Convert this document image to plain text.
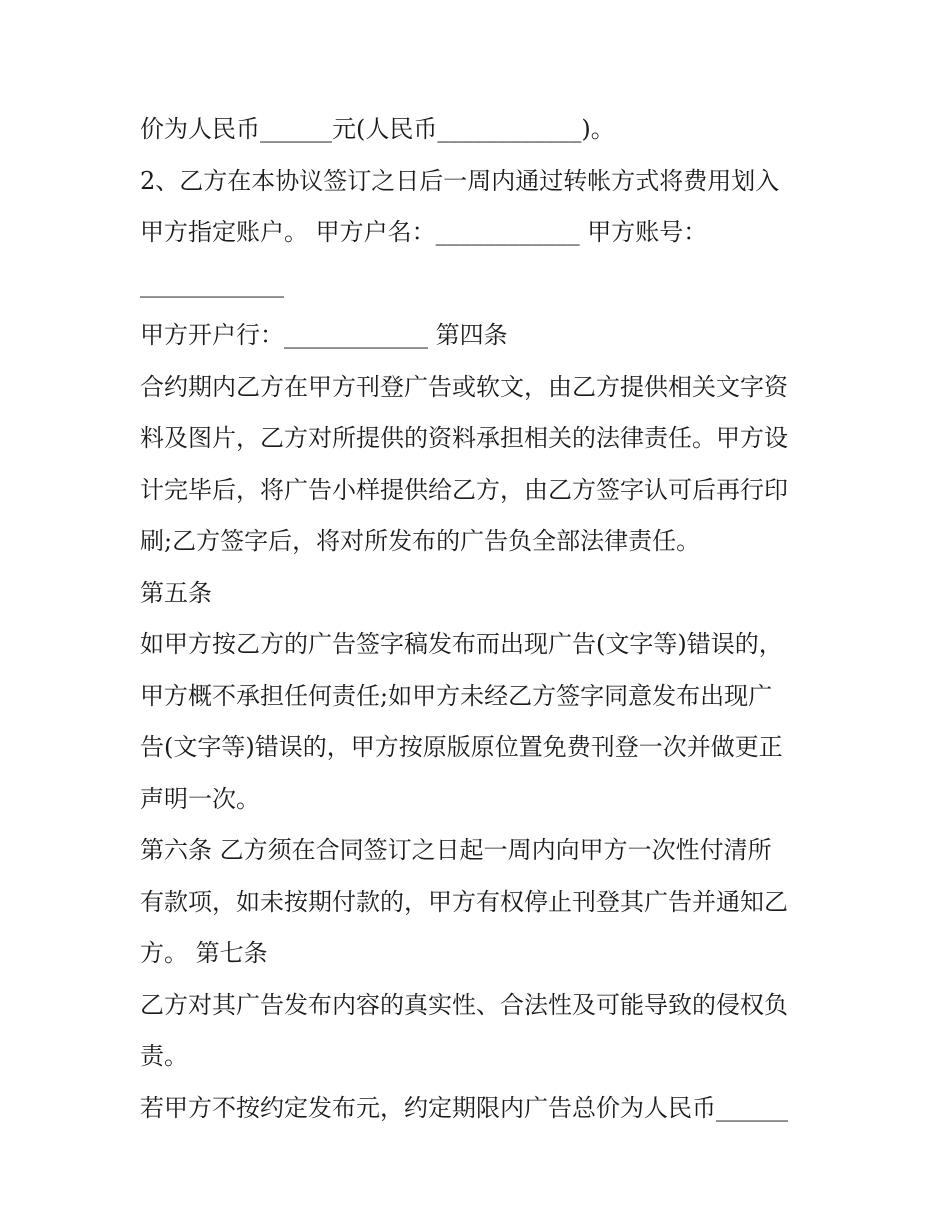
价为人民币______元(人民币____________)。
2、乙方在本协议签订之日后一周内通过转帐方式将费用划入
甲方指定账户。 甲方户名：____________ 甲方账号：
____________
甲方开户行：____________ 第四条
合约期内乙方在甲方刊登广告或软文，由乙方提供相关文字资
料及图片，乙方对所提供的资料承担相关的法律责任。甲方设
计完毕后，将广告小样提供给乙方，由乙方签字认可后再行印
刷;乙方签字后，将对所发布的广告负全部法律责任。
第五条
如甲方按乙方的广告签字稿发布而出现广告(文字等)错误的，
甲方概不承担任何责任;如甲方未经乙方签字同意发布出现广
告(文字等)错误的，甲方按原版原位置免费刊登一次并做更正
声明一次。
第六条 乙方须在合同签订之日起一周内向甲方一次性付清所
有款项，如未按期付款的，甲方有权停止刊登其广告并通知乙
方。 第七条
乙方对其广告发布内容的真实性、合法性及可能导致的侵权负
责。
若甲方不按约定发布元，约定期限内广告总价为人民币______
